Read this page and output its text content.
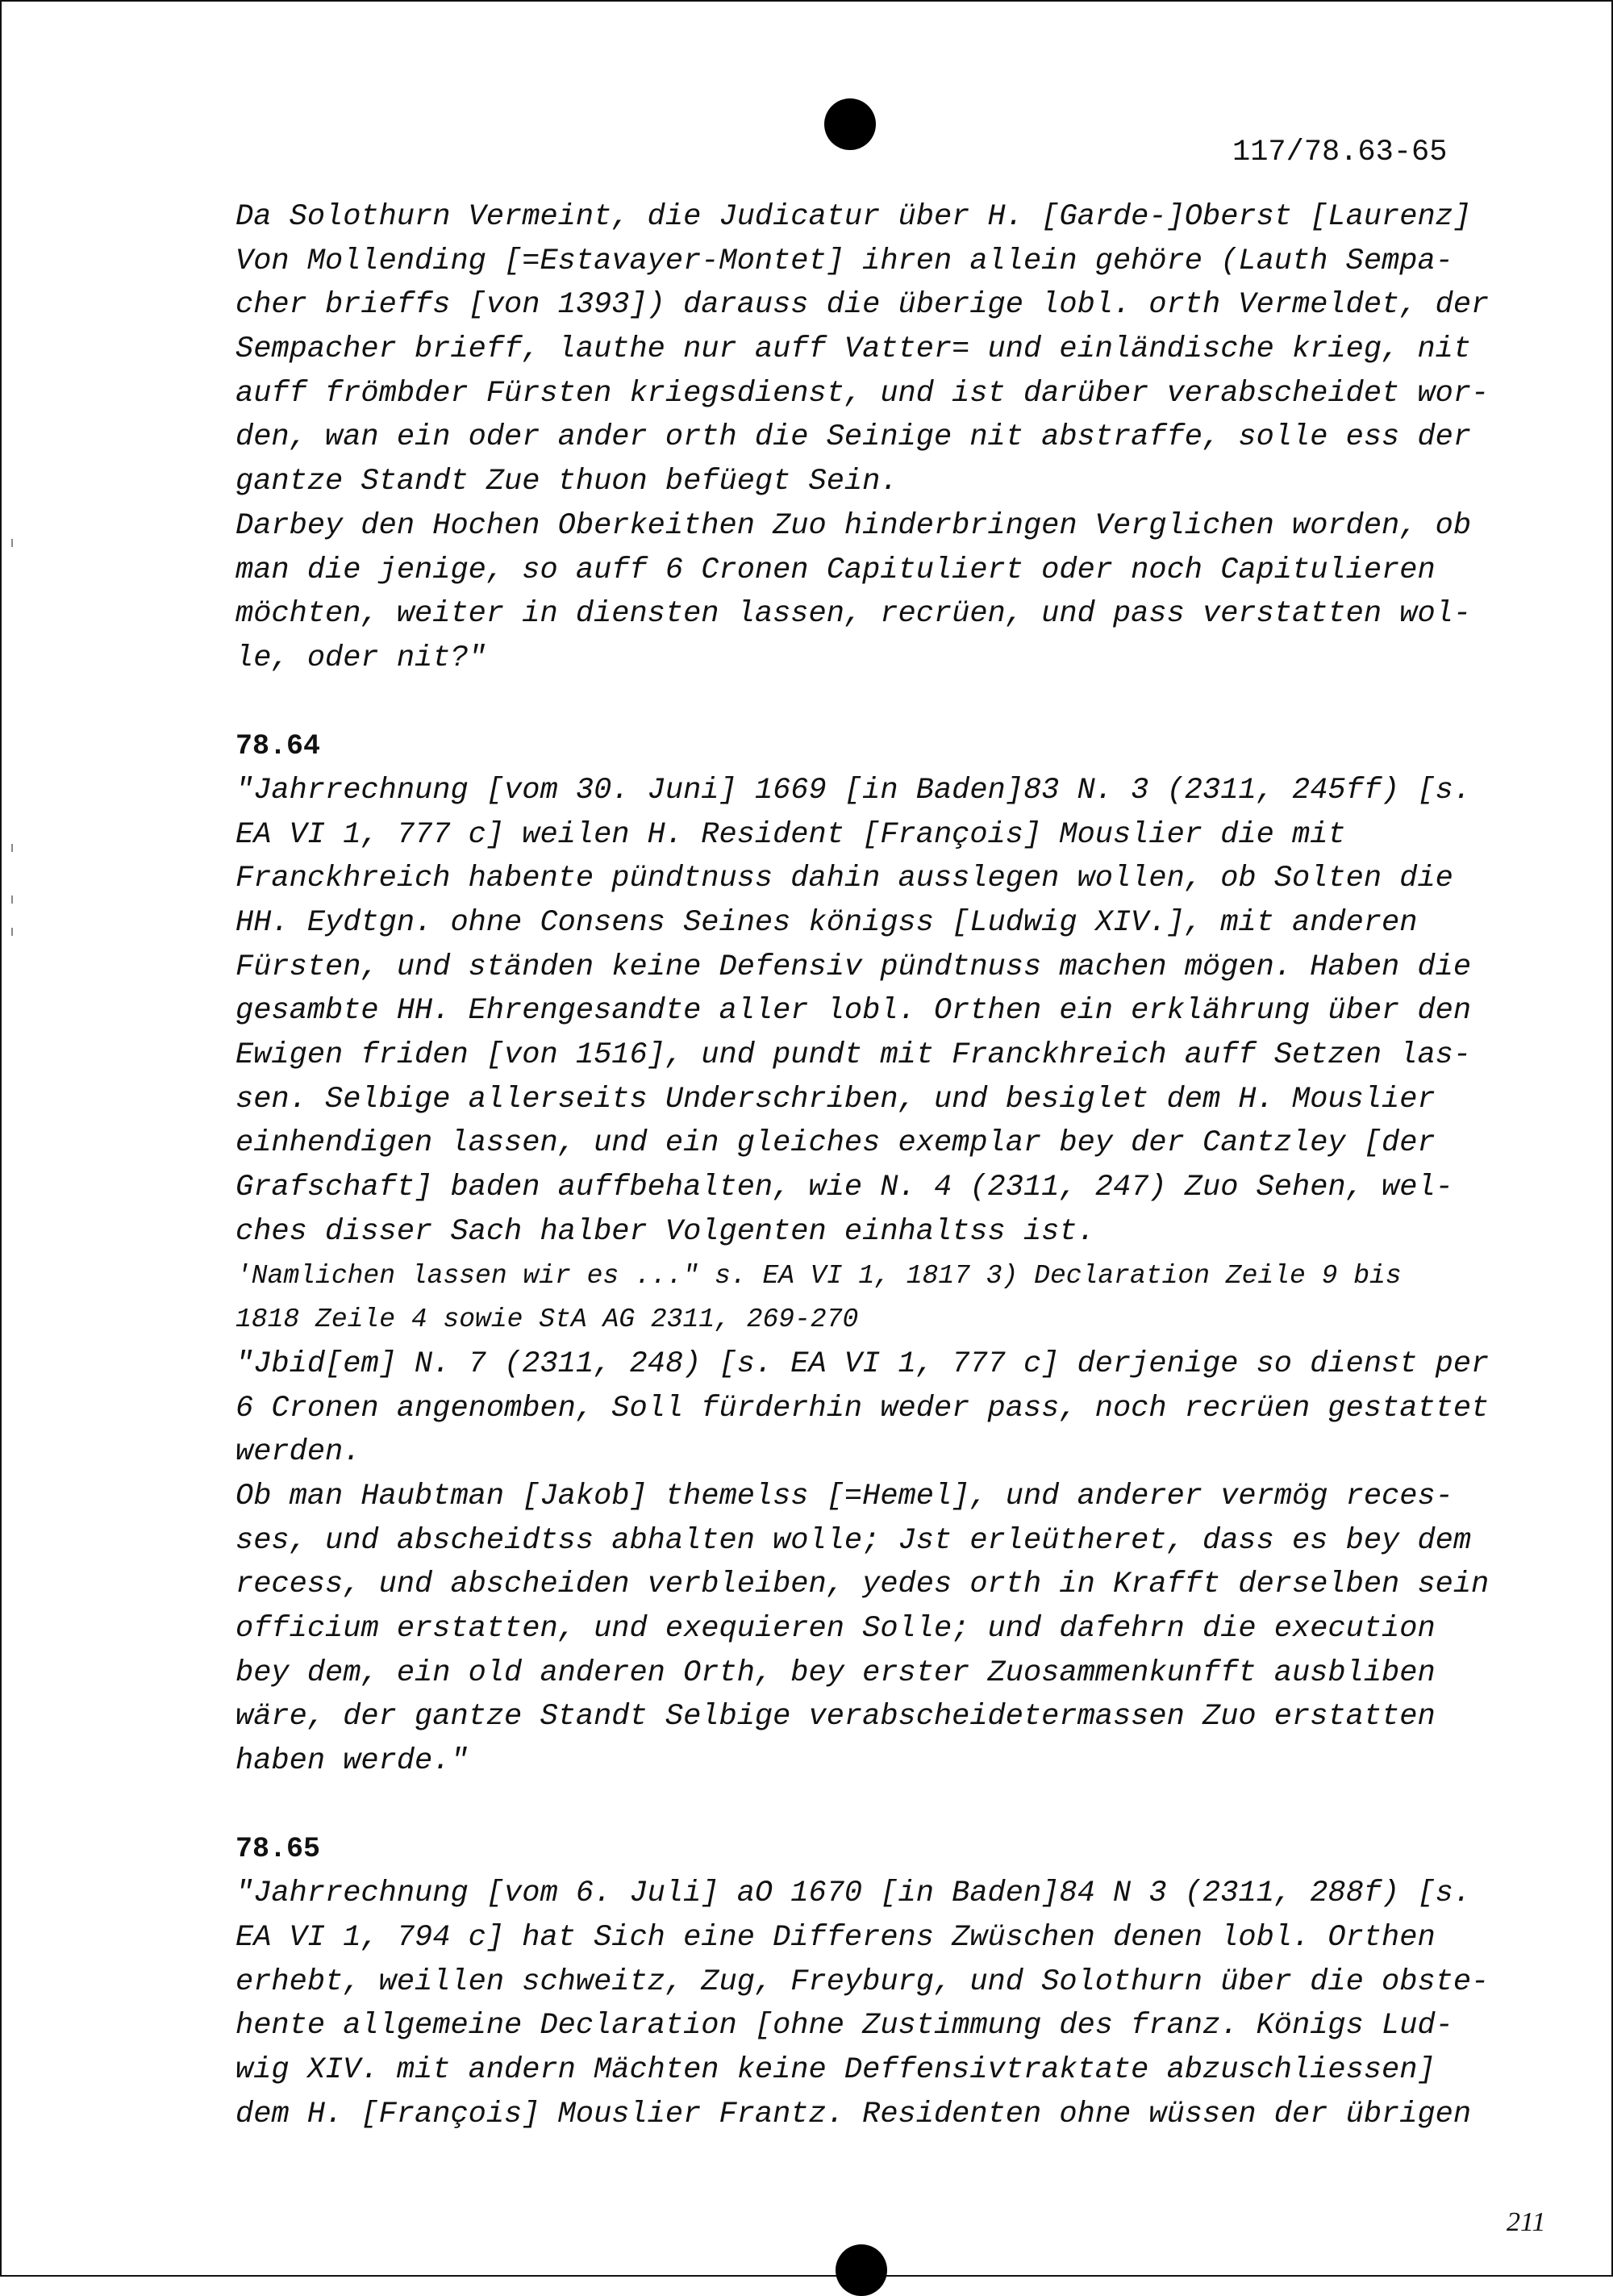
117/78.63-65
Da Solothurn Vermeint, die Judicatur über H. [Garde-]Oberst [Laurenz]
Von Mollending [=Estavayer-Montet] ihren allein gehöre (Lauth Sempa-
cher brieffs [von 1393]) darauss die überige lobl. orth Vermeldet, der
Sempacher brieff, lauthe nur auff Vatter= und einländische krieg, nit
auff frömbder Fürsten kriegsdienst, und ist darüber verabscheidet wor-
den, wan ein oder ander orth die Seinige nit abstraffe, solle ess der
gantze Standt Zue thuon befüegt Sein.
Darbey den Hochen Oberkeithen Zuo hinderbringen Verglichen worden, ob
man die jenige, so auff 6 Cronen Capituliert oder noch Capitulieren
möchten, weiter in diensten lassen, recrüen, und pass verstatten wol-
le, oder nit?"
78.64
"Jahrrechnung [vom 30. Juni] 1669 [in Baden]83 N. 3 (2311, 245ff) [s.
EA VI 1, 777 c] weilen H. Resident [François] Mouslier die mit
Franckhreich habente pündtnuss dahin ausslegen wollen, ob Solten die
HH. Eydtgn. ohne Consens Seines königss [Ludwig XIV.], mit anderen
Fürsten, und ständen keine Defensiv pündtnuss machen mögen. Haben die
gesambte HH. Ehrengesandte aller lobl. Orthen ein erklährung über den
Ewigen friden [von 1516], und pundt mit Franckhreich auff Setzen las-
sen. Selbige allerseits Underschriben, und besiglet dem H. Mouslier
einhendigen lassen, und ein gleiches exemplar bey der Cantzley [der
Grafschaft] baden auffbehalten, wie N. 4 (2311, 247) Zuo Sehen, wel-
ches disser Sach halber Volgenten einhaltss ist.
'Namlichen lassen wir es ..." s. EA VI 1, 1817 3) Declaration Zeile 9 bis
1818 Zeile 4 sowie StA AG 2311, 269-270
"Jbid[em] N. 7 (2311, 248) [s. EA VI 1, 777 c] derjenige so dienst per
6 Cronen angenomben, Soll fürderhin weder pass, noch recrüen gestattet
werden.
Ob man Haubtman [Jakob] themelss [=Hemel], und anderer vermög reces-
ses, und abscheidtss abhalten wolle; Jst erleütheret, dass es bey dem
recess, und abscheiden verbleiben, yedes orth in Krafft derselben sein
officium erstatten, und exequieren Solle; und dafehrn die execution
bey dem, ein old anderen Orth, bey erster Zuosammenkunfft ausbliben
wäre, der gantze Standt Selbige verabscheidetermassen Zuo erstatten
haben werde."
78.65
"Jahrrechnung [vom 6. Juli] aO 1670 [in Baden]84 N 3 (2311, 288f) [s.
EA VI 1, 794 c] hat Sich eine Differens Zwüschen denen lobl. Orthen
erhebt, weillen schweitz, Zug, Freyburg, und Solothurn über die obste-
hente allgemeine Declaration [ohne Zustimmung des franz. Königs Lud-
wig XIV. mit andern Mächten keine Deffensivtraktate abzuschliessen]
dem H. [François] Mouslier Frantz. Residenten ohne wüssen der übrigen
211
